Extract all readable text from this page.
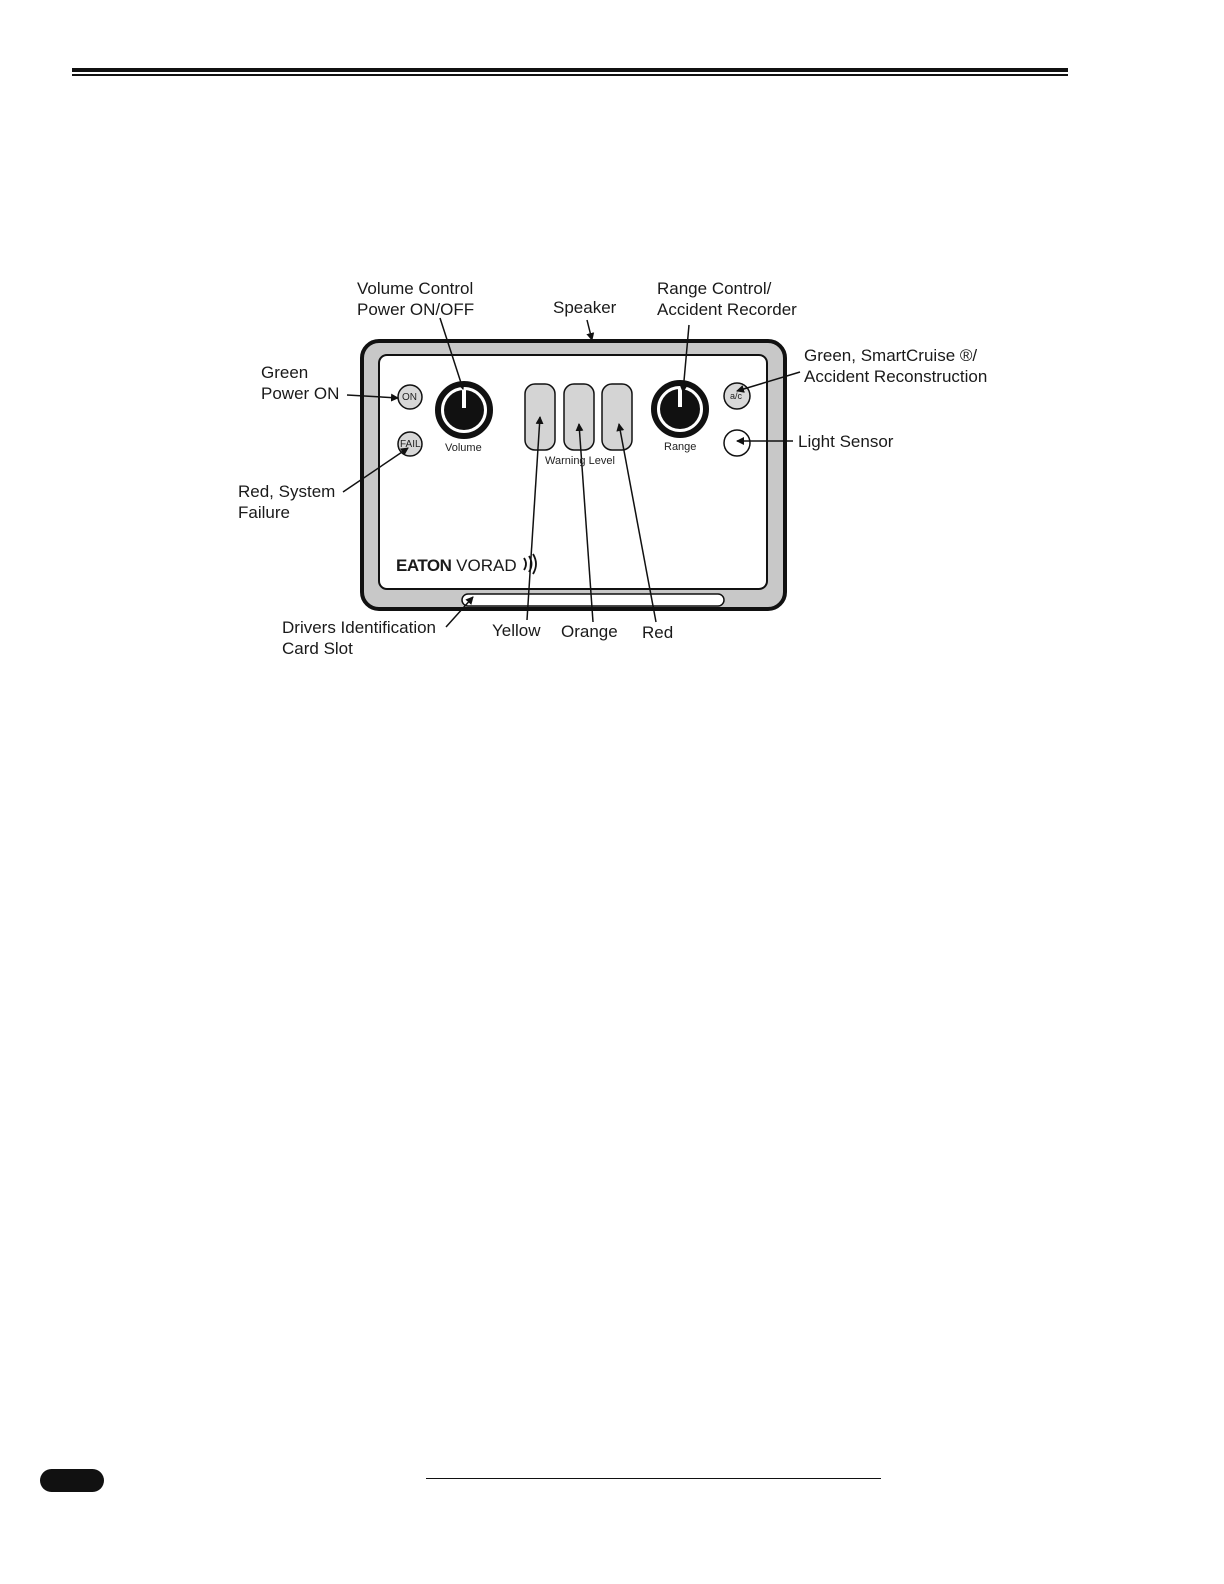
ON
FAIL
a/c
Volume	Range
Warning Level
EATON VORAD
Volume Control
Power ON/OFF	Speaker
Range Control/
Accident Recorder
Green
Power ON
Green, SmartCruise ®/
Accident Reconstruction
Light Sensor
Red, System
Failure
Drivers Identification
Card Slot
Yellow Orange Red
